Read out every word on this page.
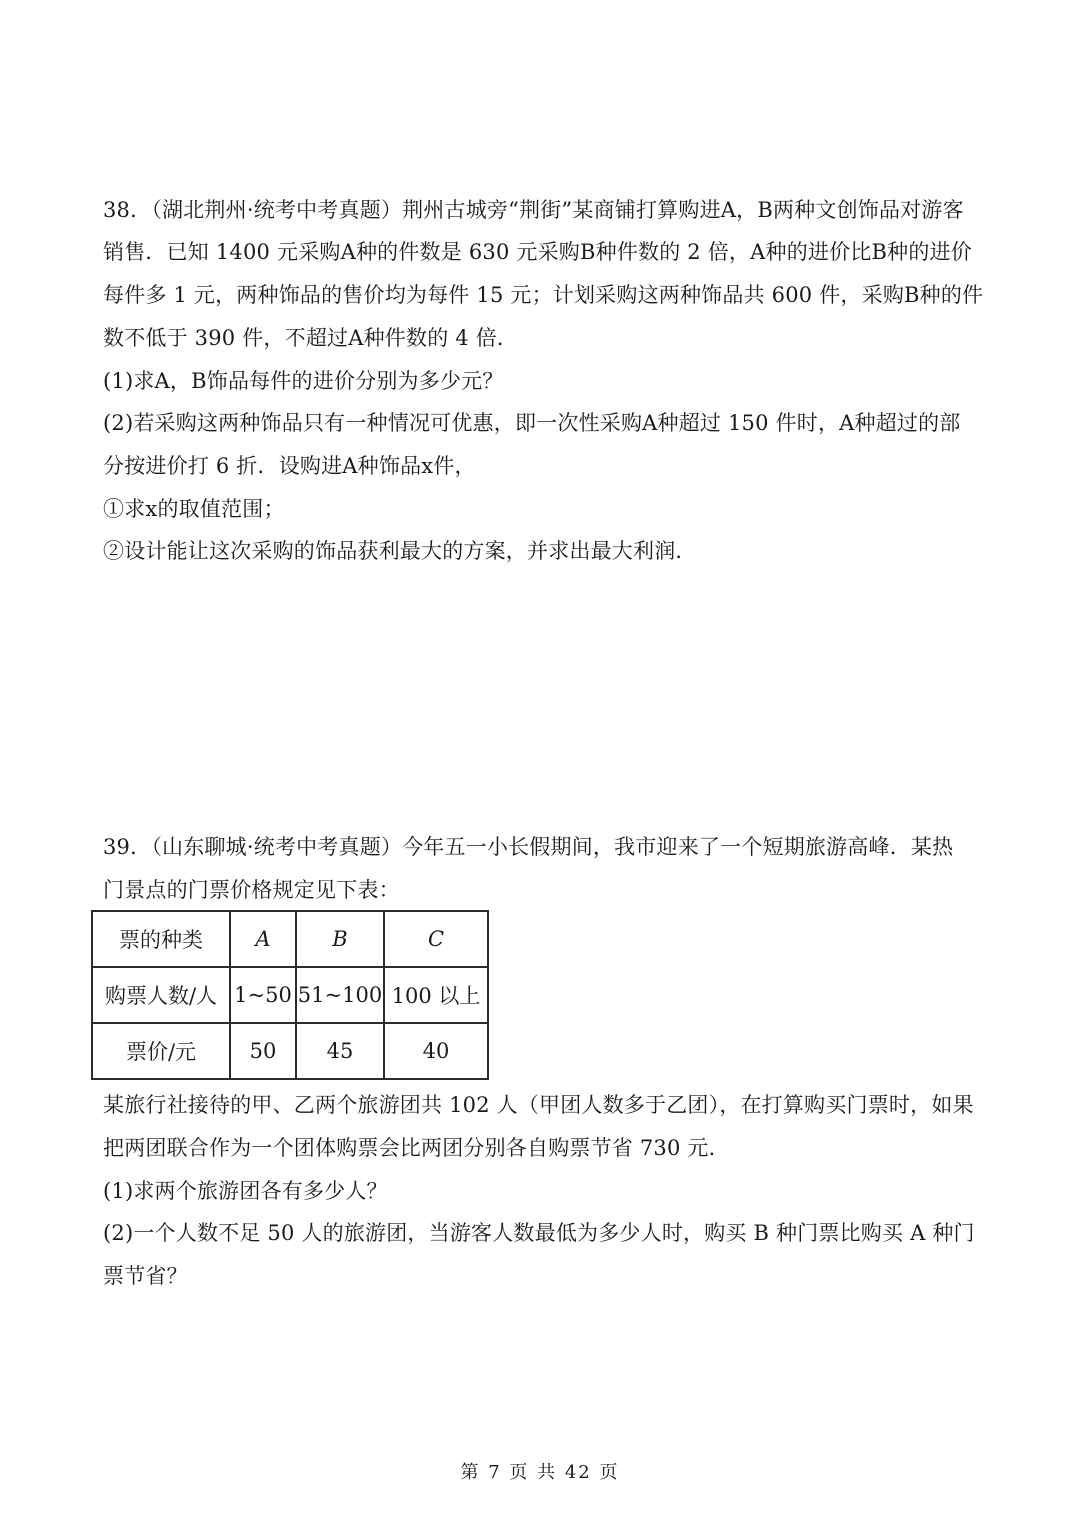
38．（湖北荆州·统考中考真题）荆州古城旁“荆街”某商铺打算购进A，B两种文创饰品对游客
销售．已知 1400 元采购A种的件数是 630 元采购B种件数的 2 倍，A种的进价比B种的进价
每件多 1 元，两种饰品的售价均为每件 15 元；计划采购这两种饰品共 600 件，采购B种的件
数不低于 390 件，不超过A种件数的 4 倍．
(1)求A，B饰品每件的进价分别为多少元？
(2)若采购这两种饰品只有一种情况可优惠，即一次性采购A种超过 150 件时，A种超过的部
分按进价打 6 折．设购进A种饰品x件，
①求x的取值范围；
②设计能让这次采购的饰品获利最大的方案，并求出最大利润．
39．（山东聊城·统考中考真题）今年五一小长假期间，我市迎来了一个短期旅游高峰．某热
门景点的门票价格规定见下表：
票的种类	A	B	C
购票人数/人	1~50	51~100	100 以上
票价/元	50	45	40
某旅行社接待的甲、乙两个旅游团共 102 人（甲团人数多于乙团），在打算购买门票时，如果
把两团联合作为一个团体购票会比两团分别各自购票节省 730 元．
(1)求两个旅游团各有多少人？
(2)一个人数不足 50 人的旅游团，当游客人数最低为多少人时，购买 B 种门票比购买 A 种门
票节省？
第 7 页 共 42 页
